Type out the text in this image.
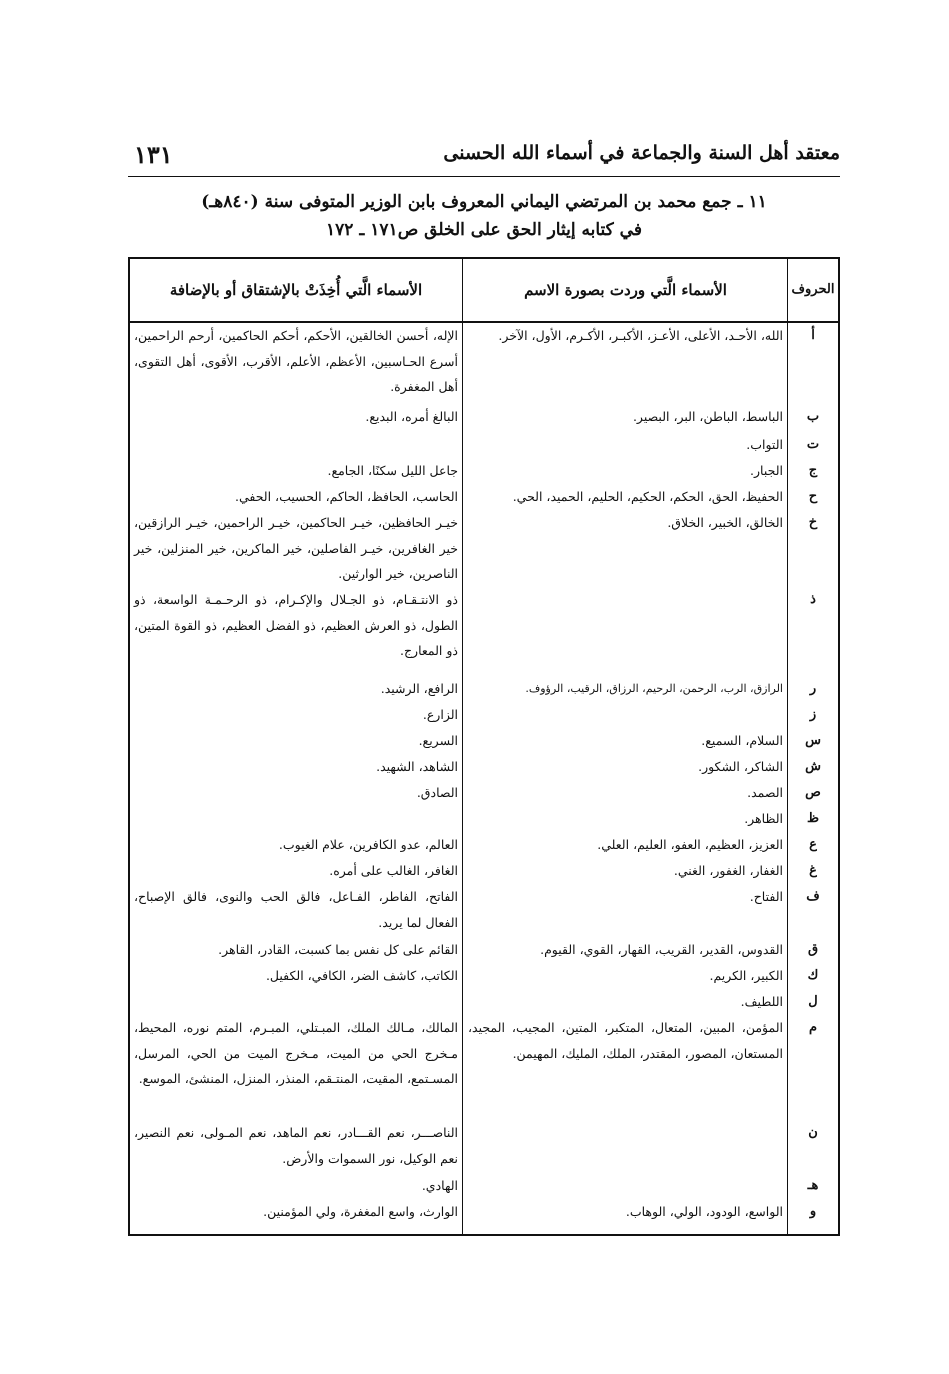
معتقد أهل السنة والجماعة في أسماء الله الحسنى
١٣١
١١ ـ جمع محمد بن المرتضي اليماني المعروف بابن الوزير المتوفى سنة (٨٤٠هـ)
في كتابه إيثار الحق على الخلق ص١٧١ ـ ١٧٢
الحروف
الأسماء الَّتي وردت بصورة الاسم
الأسماء الَّتي أُخِذَتْ بالإشتقاق أو بالإضافة
أ
الله، الأحـد، الأعلى، الأعـز، الأكبـر، الأكـرم، الأول، الآخر.
الإله، أحسن الخالقين، الأحكم، أحكم الحاكمين، أرحم الراحمين، أسرع الحـاسبين، الأعظم، الأعلم، الأقرب، الأقوى، أهل التقوى، أهل المغفرة.
ب
الباسط، الباطن، البر، البصير.
البالغ أمره، البديع.
ت
التواب.
ج
الجبار.
جاعل الليل سكنًا، الجامع.
ح
الحفيظ، الحق، الحكم، الحكيم، الحليم، الحميد، الحي.
الحاسب، الحافظ، الحاكم، الحسيب، الحفي.
خ
الخالق، الخبير، الخلاق.
خيـر الحافظين، خيـر الحاكمين، خيـر الراحمين، خيـر الرازقين، خير الغافرين، خيـر الفاصلين، خير الماكرين، خير المنزلين، خير الناصرين، خير الوارثين.
ذ
ذو الانتـقـام، ذو الجـلال والإكـرام، ذو الرحـمـة الواسعة، ذو الطول، ذو العرش العظيم، ذو الفضل العظيم، ذو القوة المتين، ذو المعارج.
ر
الرازق، الرب، الرحمن، الرحيم، الرزاق، الرقيب، الرؤوف.
الرافع، الرشيد.
ز
الزارع.
س
السلام، السميع.
السريع.
ش
الشاكر، الشكور.
الشاهد، الشهيد.
ص
الصمد.
الصادق.
ظ
الظاهر.
ع
العزيز، العظيم، العفو، العليم، العلي.
العالم، عدو الكافرين، علام الغيوب.
غ
الغفار، الغفور، الغني.
الغافر، الغالب على أمره.
ف
الفتاح.
الفاتح، الفاطر، الفـاعل، فالق الحب والنوى، فالق الإصباح، الفعال لما يريد.
ق
القدوس، القدير، القريب، القهار، القوي، القيوم.
القائم على كل نفس بما كسبت، القادر، القاهر.
ك
الكبير، الكريم.
الكاتب، كاشف الضر، الكافي، الكفيل.
ل
اللطيف.
م
المؤمن، المبين، المتعال، المتكبر، المتين، المجيب، المجيد، المستعان، المصور، المقتدر، الملك، المليك، المهيمن.
المالك، مـالك الملك، المبـتلي، المبـرم، المتم نوره، المحيط، مـخرج الحي من الميت، مـخرج الميت من الحي، المرسل، المسـتمع، المقيت، المنتـقم، المنذر، المنزل، المنشئ، الموسع.
ن
الناصـــر، نعم القـــادر، نعم الماهد، نعم المـولى، نعم النصير، نعم الوكيل، نور السموات والأرض.
هـ
الهادي.
و
الواسع، الودود، الولي، الوهاب.
الوارث، واسع المغفرة، ولي المؤمنين.
